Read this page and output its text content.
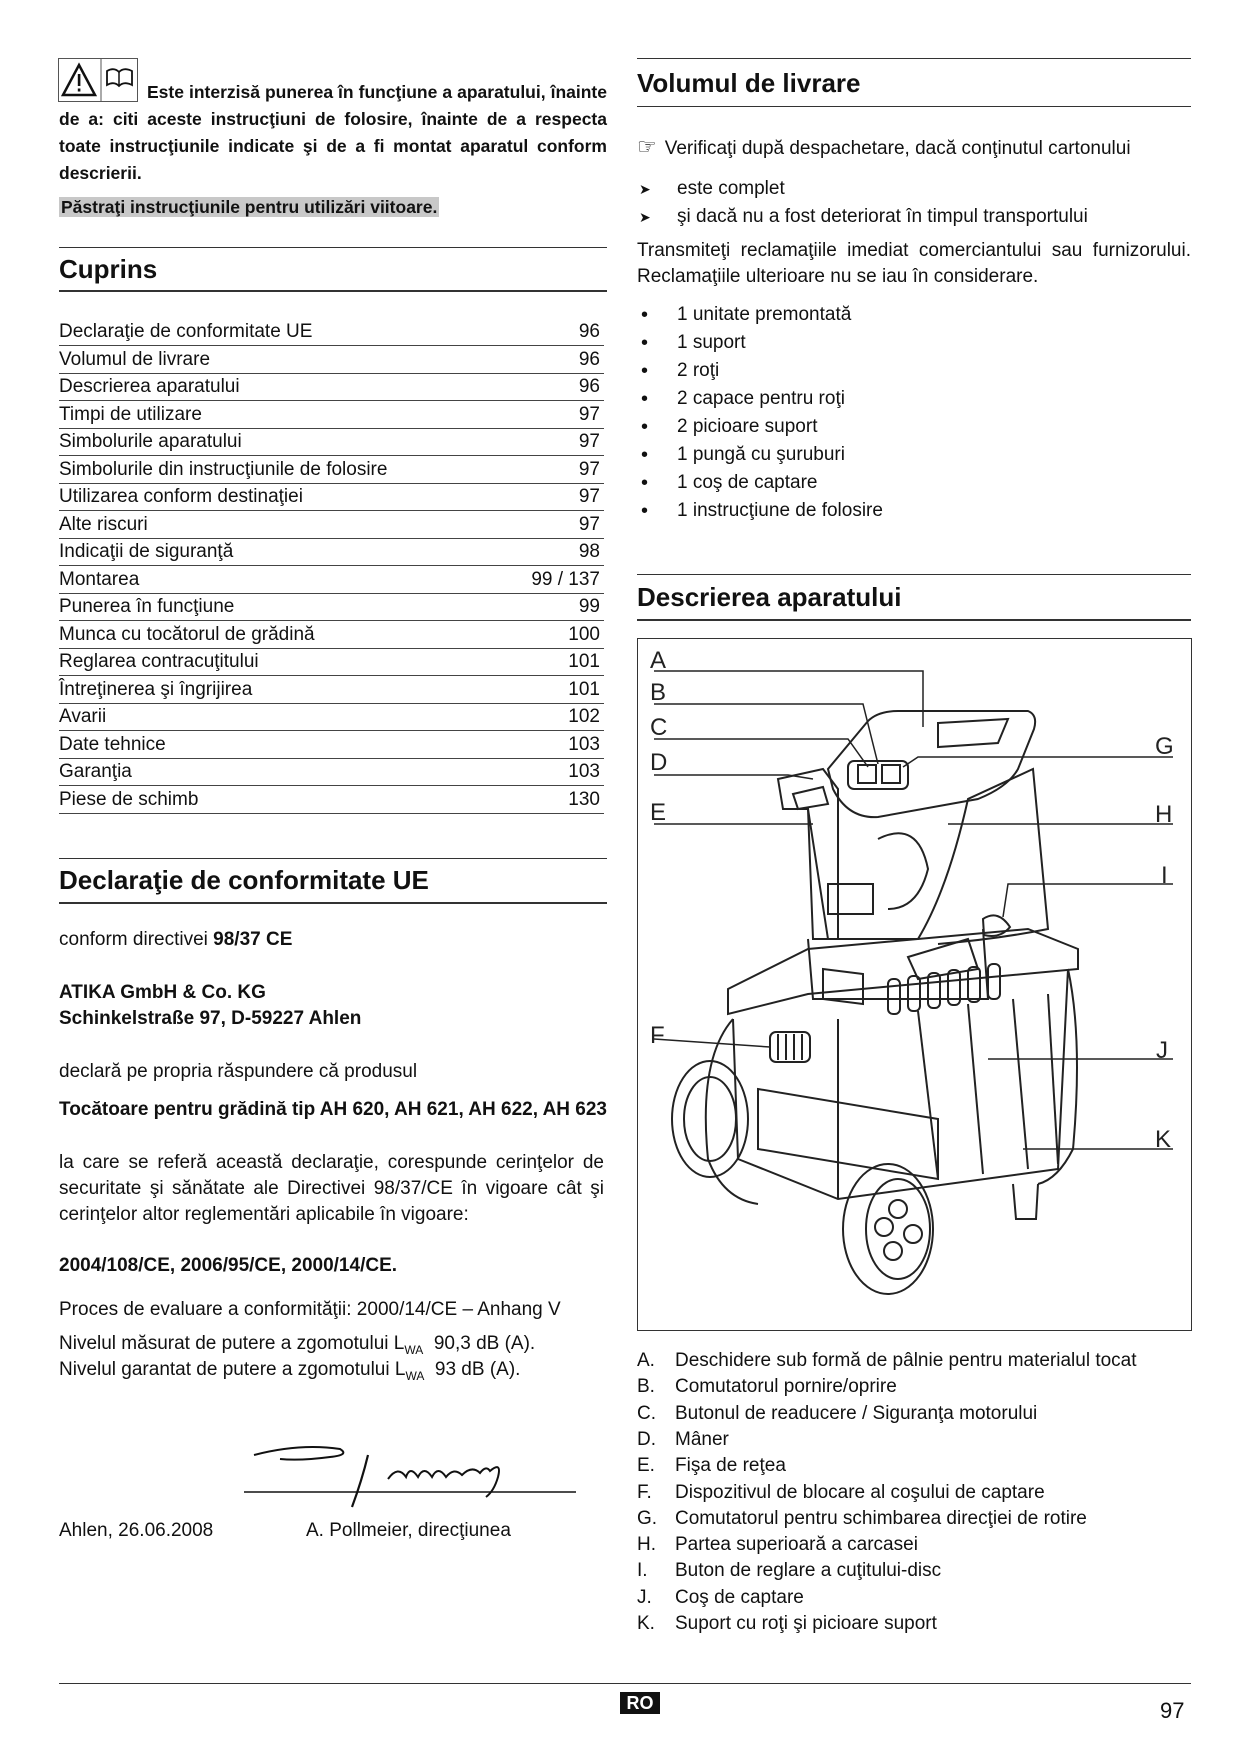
Este interzisă punerea în funcţiune a aparatului, înainte de a: citi aceste instrucţiuni de folosire, înainte de a respecta toate instrucţiunile indicate şi de a fi montat aparatul conform descrierii.
Păstraţi instrucţiunile pentru utilizări viitoare.
Cuprins
Declaraţie de conformitate UE	96
Volumul de livrare	96
Descrierea aparatului	96
Timpi de utilizare	97
Simbolurile aparatului	97
Simbolurile din instrucţiunile de folosire	97
Utilizarea conform destinaţiei	97
Alte riscuri	97
Indicaţii de siguranţă	98
Montarea	99 / 137
Punerea în funcţiune	99
Munca cu tocătorul de grădină	100
Reglarea contracuţitului	101
Întreţinerea şi îngrijirea	101
Avarii	102
Date tehnice	103
Garanţia	103
Piese de schimb	130
Declaraţie de conformitate UE
conform directivei 98/37 CE
ATIKA GmbH & Co. KG
Schinkelstraße 97, D-59227 Ahlen
declară pe propria răspundere că produsul
Tocătoare pentru grădină tip AH 620, AH 621, AH 622, AH 623
la care se referă această declaraţie, corespunde cerinţelor de securitate şi sănătate ale Directivei 98/37/CE în vigoare cât şi cerinţelor altor reglementări aplicabile în vigoare:
2004/108/CE, 2006/95/CE, 2000/14/CE.
Proces de evaluare a conformităţii: 2000/14/CE – Anhang V
Nivelul măsurat de putere a zgomotului $L_{WA}$ 90,3 dB (A).
Nivelul garantat de putere a zgomotului $L_{WA}$ 93 dB (A).
Ahlen, 26.06.2008	A. Pollmeier, direcţiunea
Volumul de livrare
☞ Verificaţi după despachetare, dacă conţinutul cartonului
➤ este complet
➤ şi dacă nu a fost deteriorat în timpul transportului
Transmiteţi reclamaţiile imediat comerciantului sau furnizorului. Reclamaţiile ulterioare nu se iau în considerare.
• 1 unitate premontată
• 1 suport
• 2 roţi
• 2 capace pentru roţi
• 2 picioare suport
• 1 pungă cu şuruburi
• 1 coş de captare
• 1 instrucţiune de folosire
Descrierea aparatului
A
B
C
D
E
F
G
H
I
J
K
A. Deschidere sub formă de pâlnie pentru materialul tocat
B. Comutatorul pornire/oprire
C. Butonul de readucere / Siguranţa motorului
D. Mâner
E. Fişa de reţea
F. Dispozitivul de blocare al coşului de captare
G. Comutatorul pentru schimbarea direcţiei de rotire
H. Partea superioară a carcasei
I. Buton de reglare a cuţitului-disc
J. Coş de captare
K. Suport cu roţi şi picioare suport
RO	97
